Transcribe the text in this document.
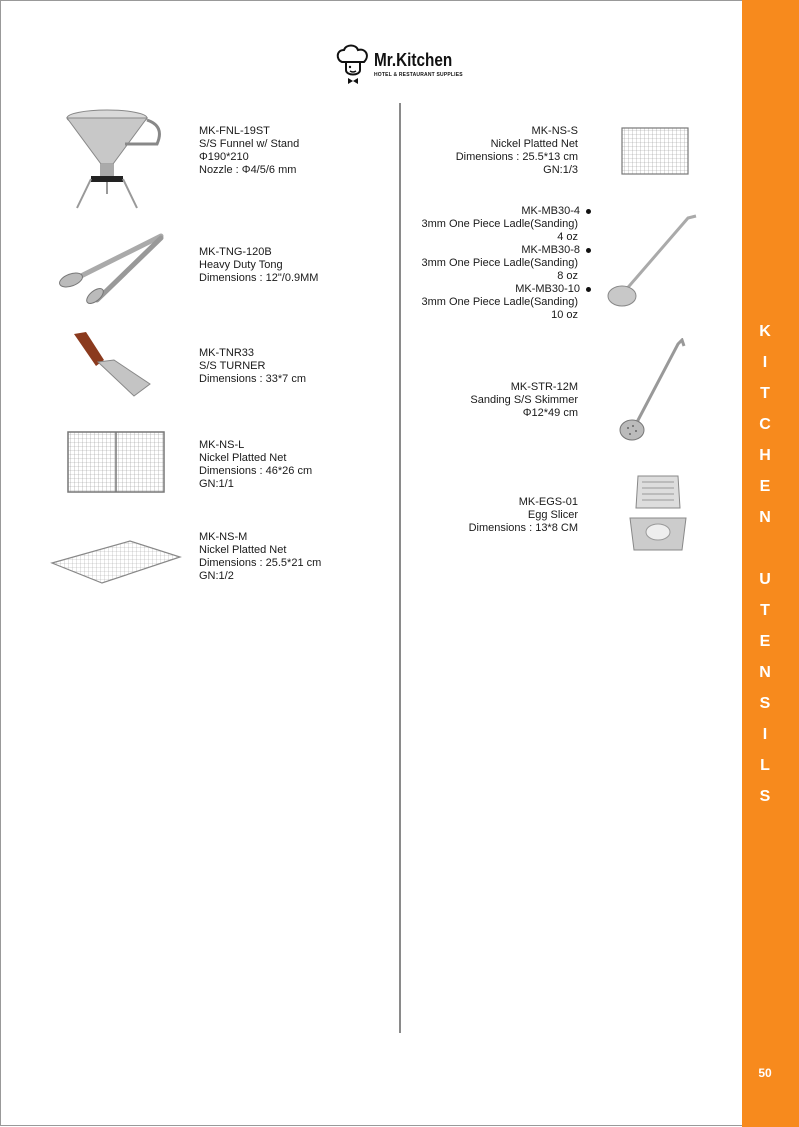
Mr.Kitchen
HOTEL & RESTAURANT SUPPLIES
MK-FNL-19ST
S/S Funnel w/ Stand
Φ190*210
Nozzle : Φ4/5/6 mm
MK-TNG-120B
Heavy Duty Tong
Dimensions : 12"/0.9MM
MK-TNR33
S/S TURNER
Dimensions : 33*7 cm
MK-NS-L
Nickel Platted Net
Dimensions : 46*26 cm
GN:1/1
MK-NS-M
Nickel Platted Net
Dimensions : 25.5*21 cm
GN:1/2
MK-NS-S
Nickel Platted Net
Dimensions : 25.5*13 cm
GN:1/3
MK-MB30-4
3mm One Piece Ladle(Sanding)
4 oz
MK-MB30-8
3mm One Piece Ladle(Sanding)
8 oz
MK-MB30-10
3mm One Piece Ladle(Sanding)
10 oz
MK-STR-12M
Sanding S/S Skimmer
Φ12*49 cm
MK-EGS-01
Egg Slicer
Dimensions : 13*8 CM
K
I
T
C
H
E
N
U
T
E
N
S
I
L
S
50
